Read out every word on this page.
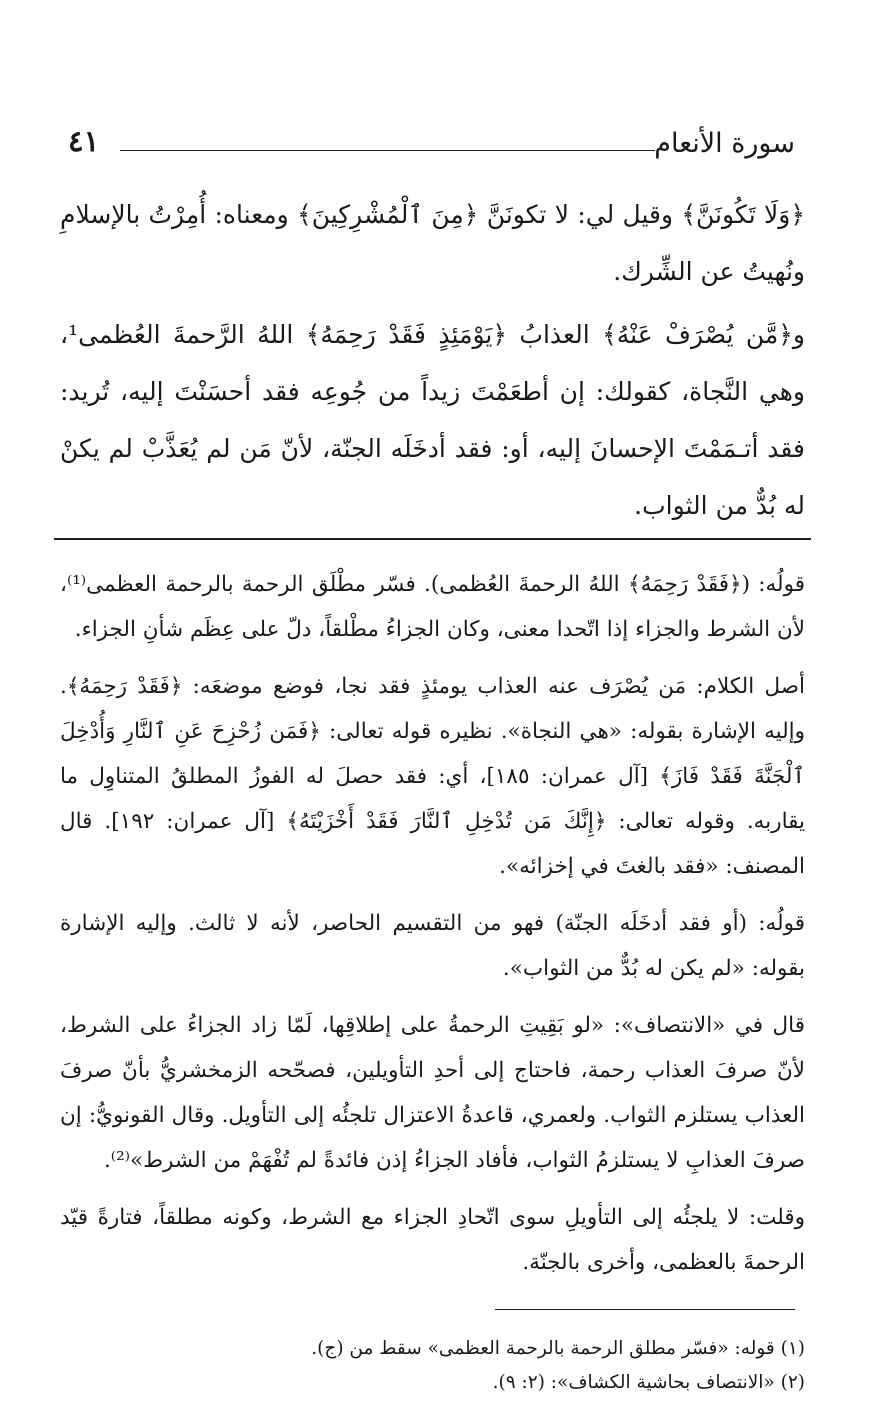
سورة الأنعام
٤١

﴿وَلَا تَكُونَنَّ﴾ وقيل لي: لا تكونَنَّ ﴿مِنَ ٱلْمُشْرِكِينَ﴾ ومعناه: أُمِرْتُ بالإسلامِ ونُهيتُ عن الشِّرك.

و﴿مَّن يُصْرَفْ عَنْهُ﴾ العذابُ ﴿يَوْمَئِذٍ فَقَدْ رَحِمَهُ﴾ اللهُ الرَّحمةَ العُظمى¹، وهي النَّجاة، كقولك: إن أطعَمْتَ زيداً من جُوعِه فقد أحسَنْتَ إليه، تُريد: فقد أتـمَمْتَ الإحسانَ إليه، أو: فقد أدخَلَه الجنّة، لأنّ مَن لم يُعَذَّبْ لم يكنْ له بُدٌّ من الثواب.

قولُه: (﴿فَقَدْ رَحِمَهُ﴾ اللهُ الرحمةَ العُظمى). فسّر مطْلَق الرحمة بالرحمة العظمى⁽¹⁾، لأن الشرط والجزاء إذا اتّحدا معنى، وكان الجزاءُ مطْلقاً، دلّ على عِظَم شأنِ الجزاء.

أصل الكلام: مَن يُصْرَف عنه العذاب يومئذٍ فقد نجا، فوضع موضعَه: ﴿فَقَدْ رَحِمَهُ﴾. وإليه الإشارة بقوله: «هي النجاة». نظيره قوله تعالى: ﴿فَمَن زُحْزِحَ عَنِ ٱلنَّارِ وَأُدْخِلَ ٱلْجَنَّةَ فَقَدْ فَازَ﴾ [آل عمران: ١٨٥]، أي: فقد حصلَ له الفوزُ المطلقُ المتناوِل ما يقاربه. وقوله تعالى: ﴿إِنَّكَ مَن تُدْخِلِ ٱلنَّارَ فَقَدْ أَخْزَيْتَهُ﴾ [آل عمران: ١٩٢]. قال المصنف: «فقد بالغتَ في إخزائه».

قولُه: (أو فقد أدخَلَه الجنّة) فهو من التقسيم الحاصر، لأنه لا ثالث. وإليه الإشارة بقوله: «لم يكن له بُدٌّ من الثواب».

قال في «الانتصاف»: «لو بَقِيتِ الرحمةُ على إطلاقِها، لَمّا زاد الجزاءُ على الشرط، لأنّ صرفَ العذاب رحمة، فاحتاج إلى أحدِ التأويلين، فصحّحه الزمخشريُّ بأنّ صرفَ العذاب يستلزم الثواب. ولعمري، قاعدةُ الاعتزال تلجئُه إلى التأويل. وقال القونويُّ: إن صرفَ العذابِ لا يستلزمُ الثواب، فأفاد الجزاءُ إذن فائدةً لم تُفْهَمْ من الشرط»⁽²⁾.

وقلت: لا يلجئُه إلى التأويلِ سوى اتّحادِ الجزاء مع الشرط، وكونه مطلقاً، فتارةً قيّد الرحمةَ بالعظمى، وأخرى بالجنّة.

(١) قوله: «فسّر مطلق الرحمة بالرحمة العظمى» سقط من (ج).

(٢) «الانتصاف بحاشية الكشاف»: (٢: ٩).
